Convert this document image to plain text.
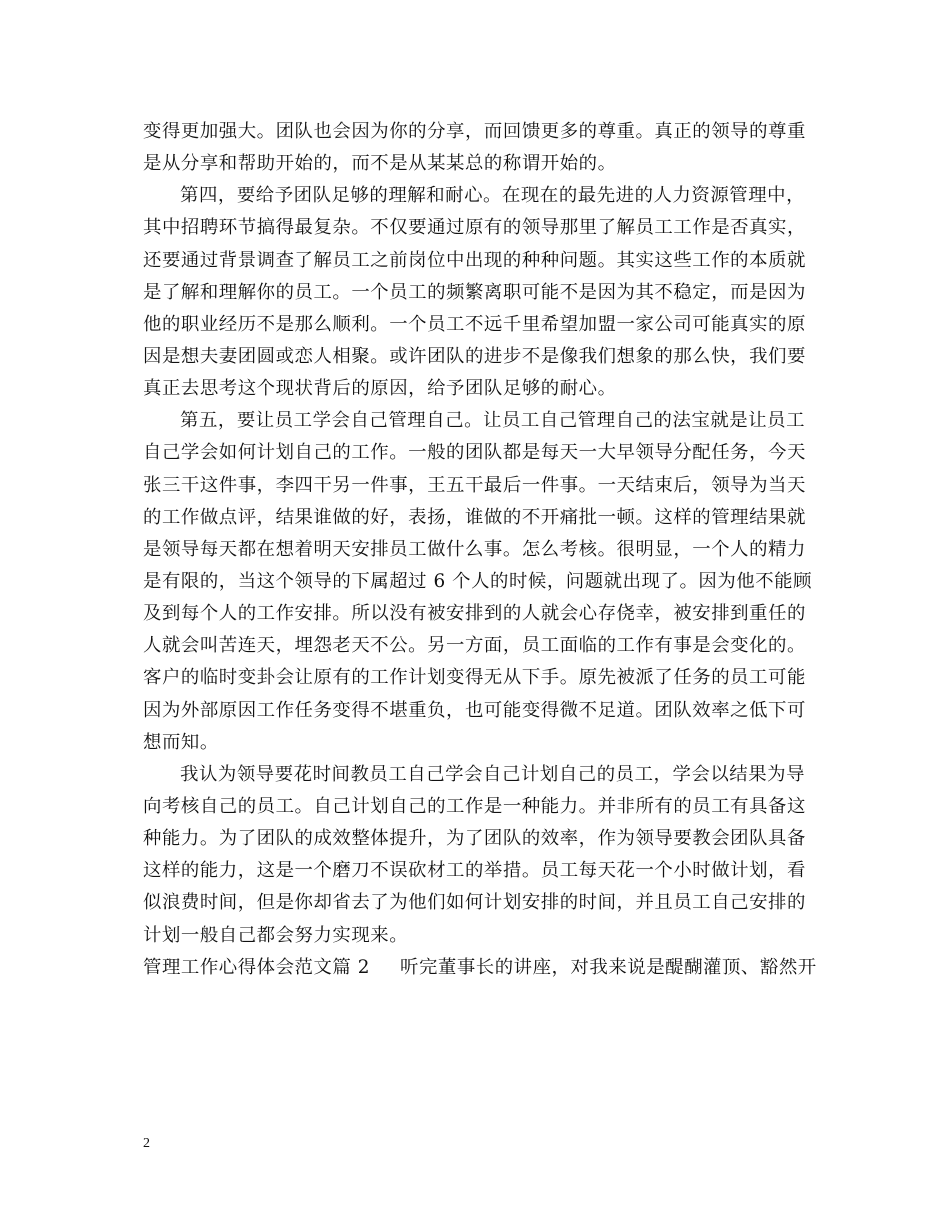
变得更加强大。团队也会因为你的分享，而回馈更多的尊重。真正的领导的尊重
是从分享和帮助开始的，而不是从某某总的称谓开始的。
第四，要给予团队足够的理解和耐心。在现在的最先进的人力资源管理中，
其中招聘环节搞得最复杂。不仅要通过原有的领导那里了解员工工作是否真实，
还要通过背景调查了解员工之前岗位中出现的种种问题。其实这些工作的本质就
是了解和理解你的员工。一个员工的频繁离职可能不是因为其不稳定，而是因为
他的职业经历不是那么顺利。一个员工不远千里希望加盟一家公司可能真实的原
因是想夫妻团圆或恋人相聚。或许团队的进步不是像我们想象的那么快，我们要
真正去思考这个现状背后的原因，给予团队足够的耐心。
第五，要让员工学会自己管理自己。让员工自己管理自己的法宝就是让员工
自己学会如何计划自己的工作。一般的团队都是每天一大早领导分配任务，今天
张三干这件事，李四干另一件事，王五干最后一件事。一天结束后，领导为当天
的工作做点评，结果谁做的好，表扬，谁做的不开痛批一顿。这样的管理结果就
是领导每天都在想着明天安排员工做什么事。怎么考核。很明显，一个人的精力
是有限的，当这个领导的下属超过 6 个人的时候，问题就出现了。因为他不能顾
及到每个人的工作安排。所以没有被安排到的人就会心存侥幸，被安排到重任的
人就会叫苦连天，埋怨老天不公。另一方面，员工面临的工作有事是会变化的。
客户的临时变卦会让原有的工作计划变得无从下手。原先被派了任务的员工可能
因为外部原因工作任务变得不堪重负，也可能变得微不足道。团队效率之低下可
想而知。
我认为领导要花时间教员工自己学会自己计划自己的员工，学会以结果为导
向考核自己的员工。自己计划自己的工作是一种能力。并非所有的员工有具备这
种能力。为了团队的成效整体提升，为了团队的效率，作为领导要教会团队具备
这样的能力，这是一个磨刀不误砍材工的举措。员工每天花一个小时做计划，看
似浪费时间，但是你却省去了为他们如何计划安排的时间，并且员工自己安排的
计划一般自己都会努力实现来。
管理工作心得体会范文篇 2 听完董事长的讲座，对我来说是醍醐灌顶、豁然开
2
